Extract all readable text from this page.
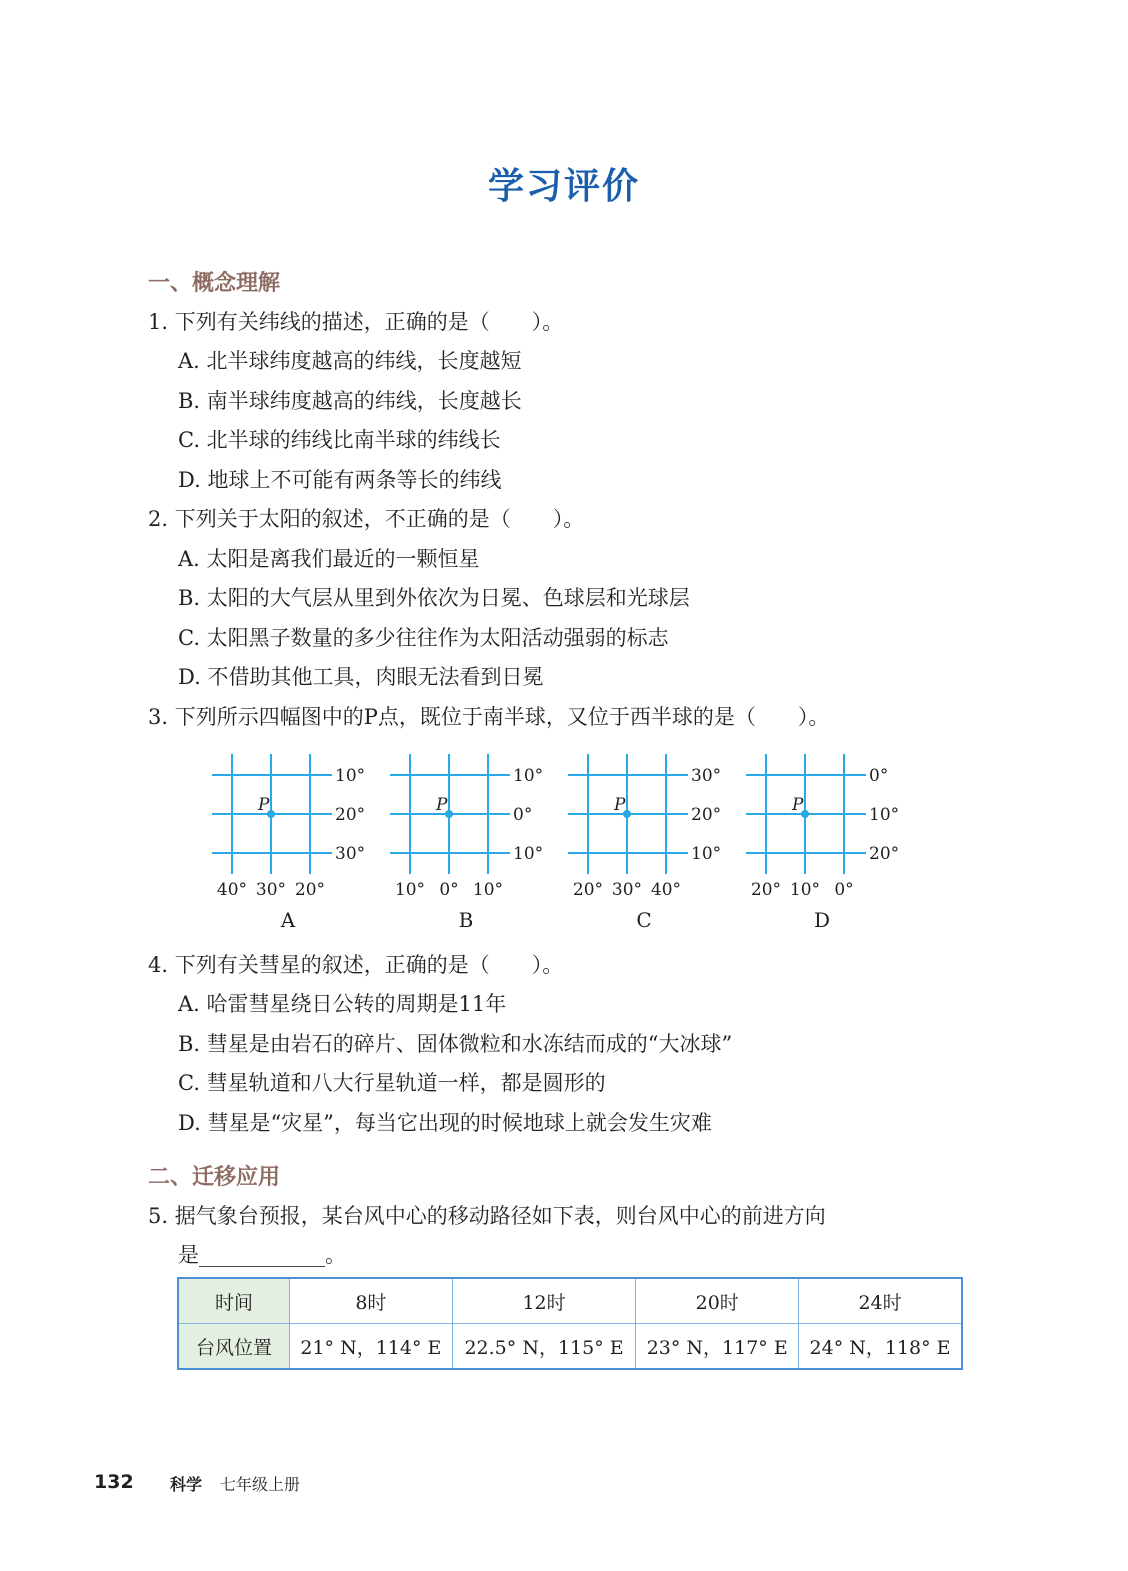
学习评价
一、概念理解
1. 下列有关纬线的描述，正确的是（　　）。
A. 北半球纬度越高的纬线，长度越短
B. 南半球纬度越高的纬线，长度越长
C. 北半球的纬线比南半球的纬线长
D. 地球上不可能有两条等长的纬线
2. 下列关于太阳的叙述，不正确的是（　　）。
A. 太阳是离我们最近的一颗恒星
B. 太阳的大气层从里到外依次为日冕、色球层和光球层
C. 太阳黑子数量的多少往往作为太阳活动强弱的标志
D. 不借助其他工具，肉眼无法看到日冕
3. 下列所示四幅图中的P点，既位于南半球，又位于西半球的是（　　）。
P
10°
20°
30°
40° 30° 20°
A
P
10°
0°
10°
10° 0° 10°
B
P
30°
20°
10°
20° 30° 40°
C
P
0°
10°
20°
20° 10° 0°
D
4. 下列有关彗星的叙述，正确的是（　　）。
A. 哈雷彗星绕日公转的周期是11年
B. 彗星是由岩石的碎片、固体微粒和水冻结而成的“大冰球”
C. 彗星轨道和八大行星轨道一样，都是圆形的
D. 彗星是“灾星”，每当它出现的时候地球上就会发生灾难
二、迁移应用
5. 据气象台预报，某台风中心的移动路径如下表，则台风中心的前进方向
是____________。
时间	8时	12时	20时	24时
台风位置	21° N，114° E	22.5° N，115° E	23° N，117° E	24° N，118° E
132 科学 七年级上册
